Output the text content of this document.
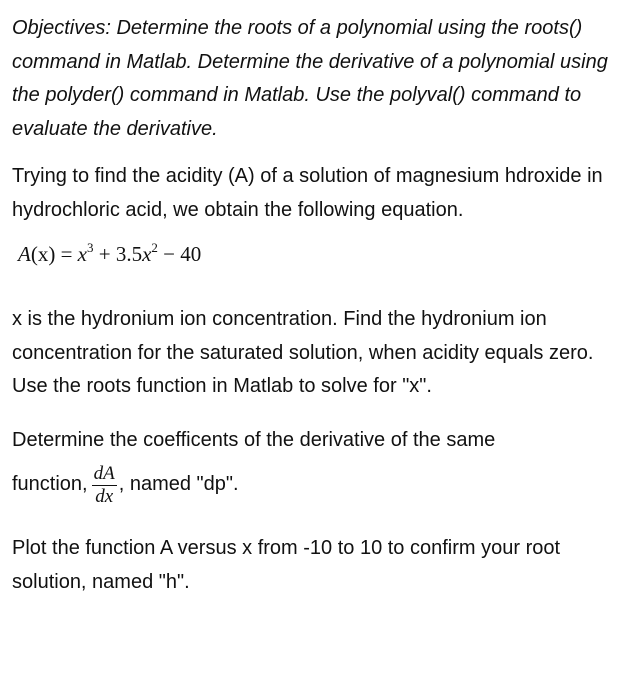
Objectives: Determine the roots of a polynomial using the roots() command in Matlab. Determine the derivative of a polynomial using the polyder() command in Matlab. Use the polyval() command to evaluate the derivative.

Trying to find the acidity (A) of a solution of magnesium hdroxide in hydrochloric acid, we obtain the following equation.

$A(x) = x^3 + 3.5x^2 - 40$

x is the hydronium ion concentration. Find the hydronium ion concentration for the saturated solution, when acidity equals zero. Use the roots function in Matlab to solve for "x".

Determine the coefficents of the derivative of the same

function, $\frac{dA}{dx}$ , named "dp".

Plot the function A versus x from -10 to 10 to confirm your root solution, named "h".
